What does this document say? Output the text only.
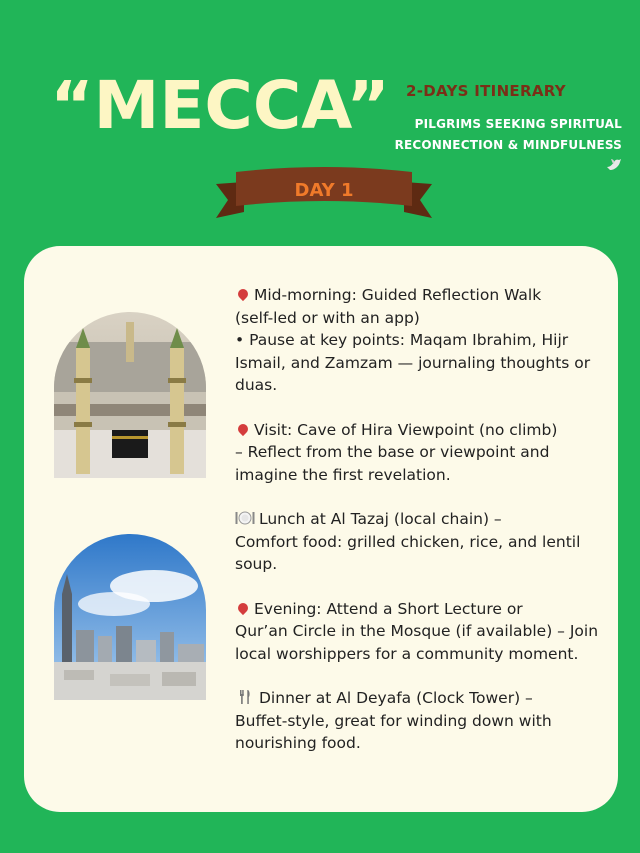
“MECCA” 2-DAYS ITINERARY
PILGRIMS SEEKING SPIRITUAL
RECONNECTION & MINDFULNESS
DAY 1
Mid-morning: Guided Reflection Walk
(self-led or with an app)
• Pause at key points: Maqam Ibrahim, Hijr Ismail, and Zamzam — journaling thoughts or duas.
Visit: Cave of Hira Viewpoint (no climb)
– Reflect from the base or viewpoint and imagine the first revelation.
Lunch at Al Tazaj (local chain) –
Comfort food: grilled chicken, rice, and lentil soup.
Evening: Attend a Short Lecture or
Qur’an Circle in the Mosque (if available) – Join local worshippers for a community moment.
Dinner at Al Deyafa (Clock Tower) –
Buffet-style, great for winding down with nourishing food.
